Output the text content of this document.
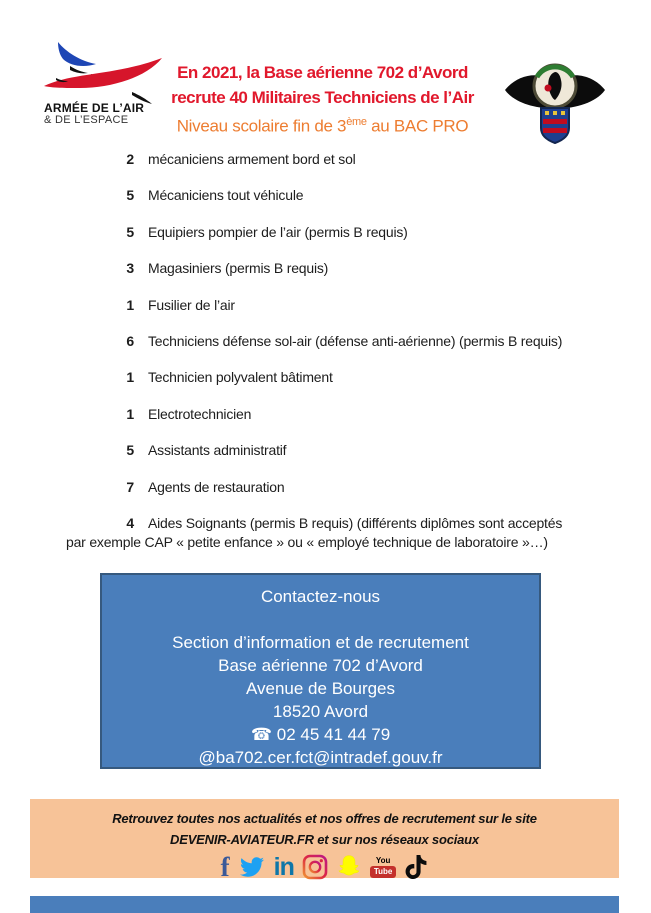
ARMÉE DE L’AIR
& DE L’ESPACE
En 2021, la Base aérienne 702 d’Avord
recrute 40 Militaires Techniciens de l’Air
Niveau scolaire fin de 3ème au BAC PRO
2 mécaniciens armement bord et sol
5 Mécaniciens tout véhicule
5 Equipiers pompier de l’air (permis B requis)
3 Magasiniers (permis B requis)
1 Fusilier de l’air
6 Techniciens défense sol-air (défense anti-aérienne) (permis B requis)
1 Technicien polyvalent bâtiment
1 Electrotechnicien
5 Assistants administratif
7 Agents de restauration
4 Aides Soignants (permis B requis) (différents diplômes sont acceptés
par exemple CAP « petite enfance » ou « employé technique de laboratoire »…)
Contactez-nous
Section d’information et de recrutement
Base aérienne 702 d’Avord
Avenue de Bourges
18520 Avord
☎ 02 45 41 44 79
@ba702.cer.fct@intradef.gouv.fr
Retrouvez toutes nos actualités et nos offres de recrutement sur le site
DEVENIR-AVIATEUR.FR et sur nos réseaux sociaux
f in	You
Tube
